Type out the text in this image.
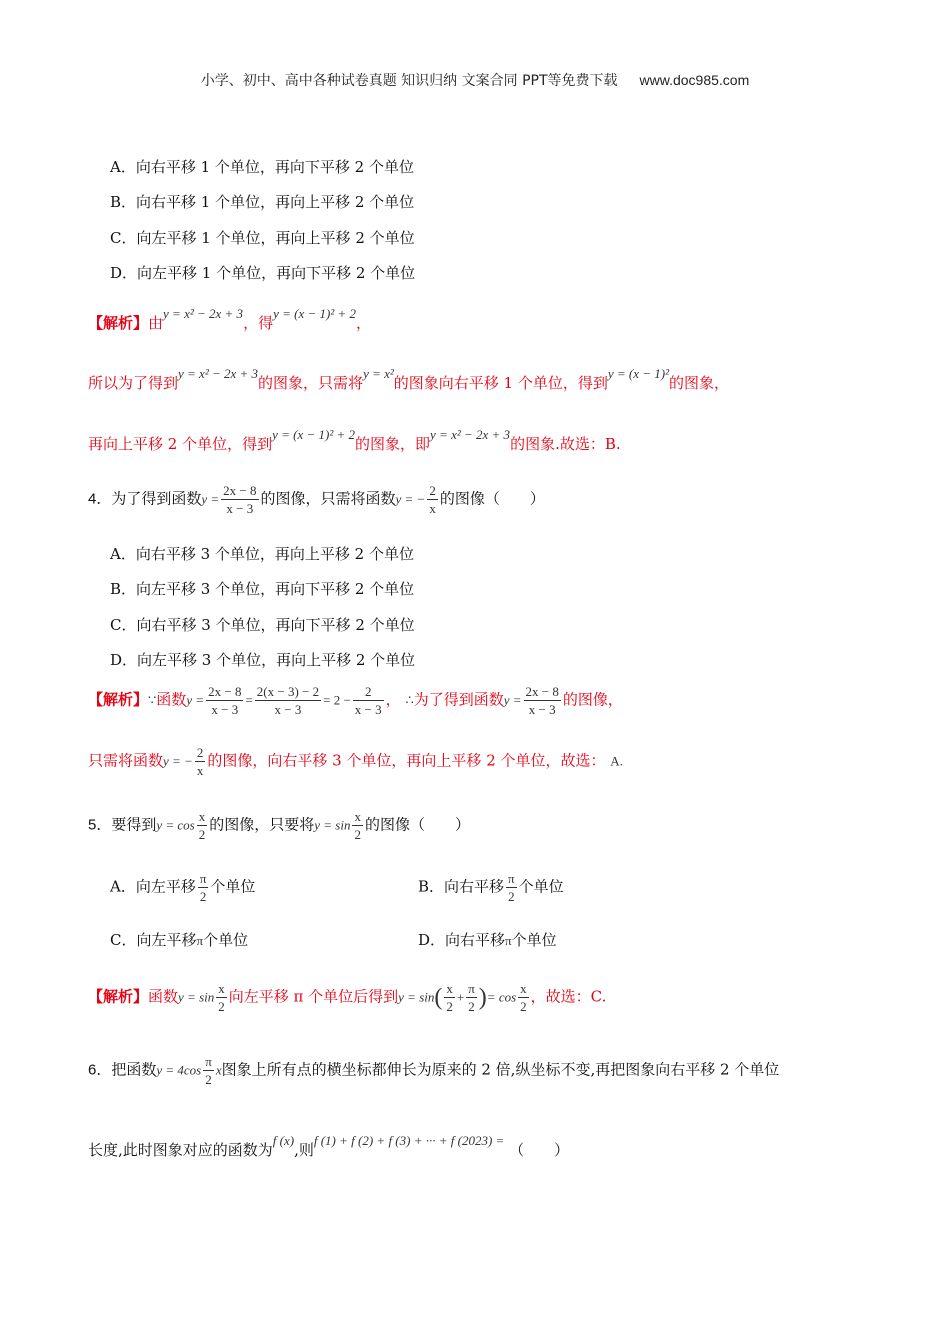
小学、初中、高中各种试卷真题 知识归纳 文案合同 PPT等免费下载 www.doc985.com
A．向右平移 1 个单位，再向下平移 2 个单位
B．向右平移 1 个单位，再向上平移 2 个单位
C．向左平移 1 个单位，再向上平移 2 个单位
D．向左平移 1 个单位，再向下平移 2 个单位
【解析】由y = x² − 2x + 3，得y = (x − 1)² + 2，
所以为了得到y = x² − 2x + 3的图象，只需将y = x²的图象向右平移 1 个单位，得到y = (x − 1)²的图象，
再向上平移 2 个单位，得到y = (x − 1)² + 2的图象，即y = x² − 2x + 3的图象.故选：B.
4．为了得到函数$y = \frac{2x - 8}{x - 3}$ 的图像，只需将函数y = − $\frac{2}{x}$ 的图像（　　）
A．向右平移 3 个单位，再向上平移 2 个单位
B．向左平移 3 个单位，再向下平移 2 个单位
C．向右平移 3 个单位，再向下平移 2 个单位
D．向左平移 3 个单位，再向上平移 2 个单位
【解析】∵函数$y = \frac{2x - 8}{x - 3} = \frac{2(x - 3) - 2}{x - 3} = 2 - \frac{2}{x - 3}$ ， ∴为了得到函数$y = \frac{2x - 8}{x - 3}$ 的图像，
只需将函数y = − $\frac{2}{x}$ 的图像，向右平移 3 个单位，再向上平移 2 个单位，故选： A.
5．要得到$y = \cos \frac{x}{2}$ 的图像，只要将$y = \sin \frac{x}{2}$ 的图像（　　）
A．向左平移 $\frac{\pi}{2}$ 个单位	B．向右平移 $\frac{\pi}{2}$ 个单位
C．向左平移π个单位	D．向右平移π个单位
【解析】函数$y = \sin \frac{x}{2}$ 向左平移 π 个单位后得到$y = \sin( \frac{x}{2} + \frac{\pi}{2}$ )= $\cos \frac{x}{2}$ ，故选：C.
6．把函数$y = 4\cos \frac{\pi}{2}$ x图象上所有点的横坐标都伸长为原来的 2 倍,纵坐标不变,再把图象向右平移 2 个单位
长度,此时图象对应的函数为f (x),则f (1) + f (2) + f (3) + ··· + f (2023) = （　　）
